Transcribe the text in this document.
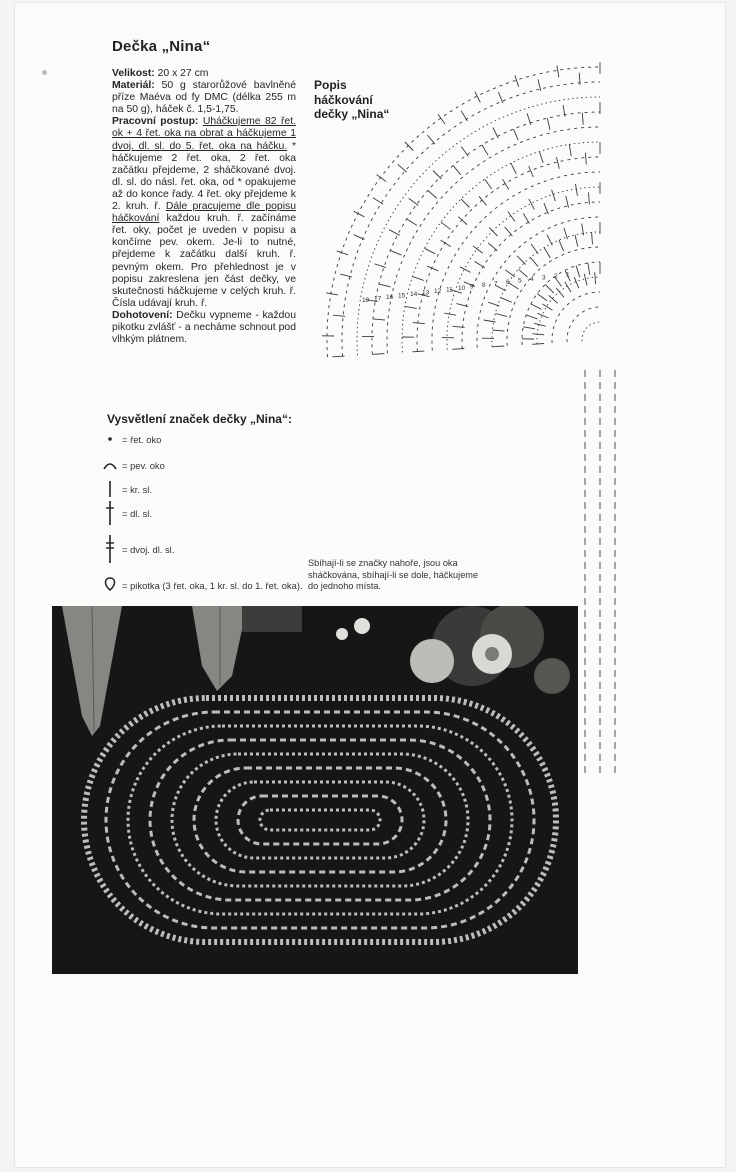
Dečka „Nina“

Velikost: 20 x 27 cm

Materiál: 50 g starorůžové bavlněné příze Maéva od fy DMC (délka 255 m na 50 g), háček č. 1,5-1,75.

Pracovní postup: Uháčkujeme 82 řet. ok + 4 řet. oka na obrat a háčkujeme 1 dvoj. dl. sl. do 5. řet. oka na háčku. * háčkujeme 2 řet. oka, 2 řet. oka začátku přejdeme, 2 sháčkované dvoj. dl. sl. do násl. řet. oka, od * opakujeme až do konce řady. 4 řet. oky přejdeme k 2. kruh. ř. Dále pracujeme dle popisu háčkování každou kruh. ř. začínáme řet. oky, počet je uveden v popisu a končíme pev. okem. Je-li to nutné, přejdeme k začátku další kruh. ř. pevným okem. Pro přehlednost je v popisu zakreslena jen část dečky, ve skutečnosti háčkujeme v celých kruh. ř. Čísla udávají kruh. ř.

Dohotovení: Dečku vypneme - každou pikotku zvlášť - a necháme schnout pod vlhkým plátnem.

Popis háčkování dečky „Nina“
19 17 16 15 14 13 12 11 10 9 8 7 6 5 4 3 2 1
Vysvětlení značek dečky „Nina“:
= řet. oko
= pev. oko
= kr. sl.
= dl. sl.
= dvoj. dl. sl.
= pikotka (3 řet. oka, 1 kr. sl. do 1. řet. oka).
Sbíhají-li se značky nahoře, jsou oka sháčkována, sbíhají-li se dole, háčkujeme do jednoho místa.
